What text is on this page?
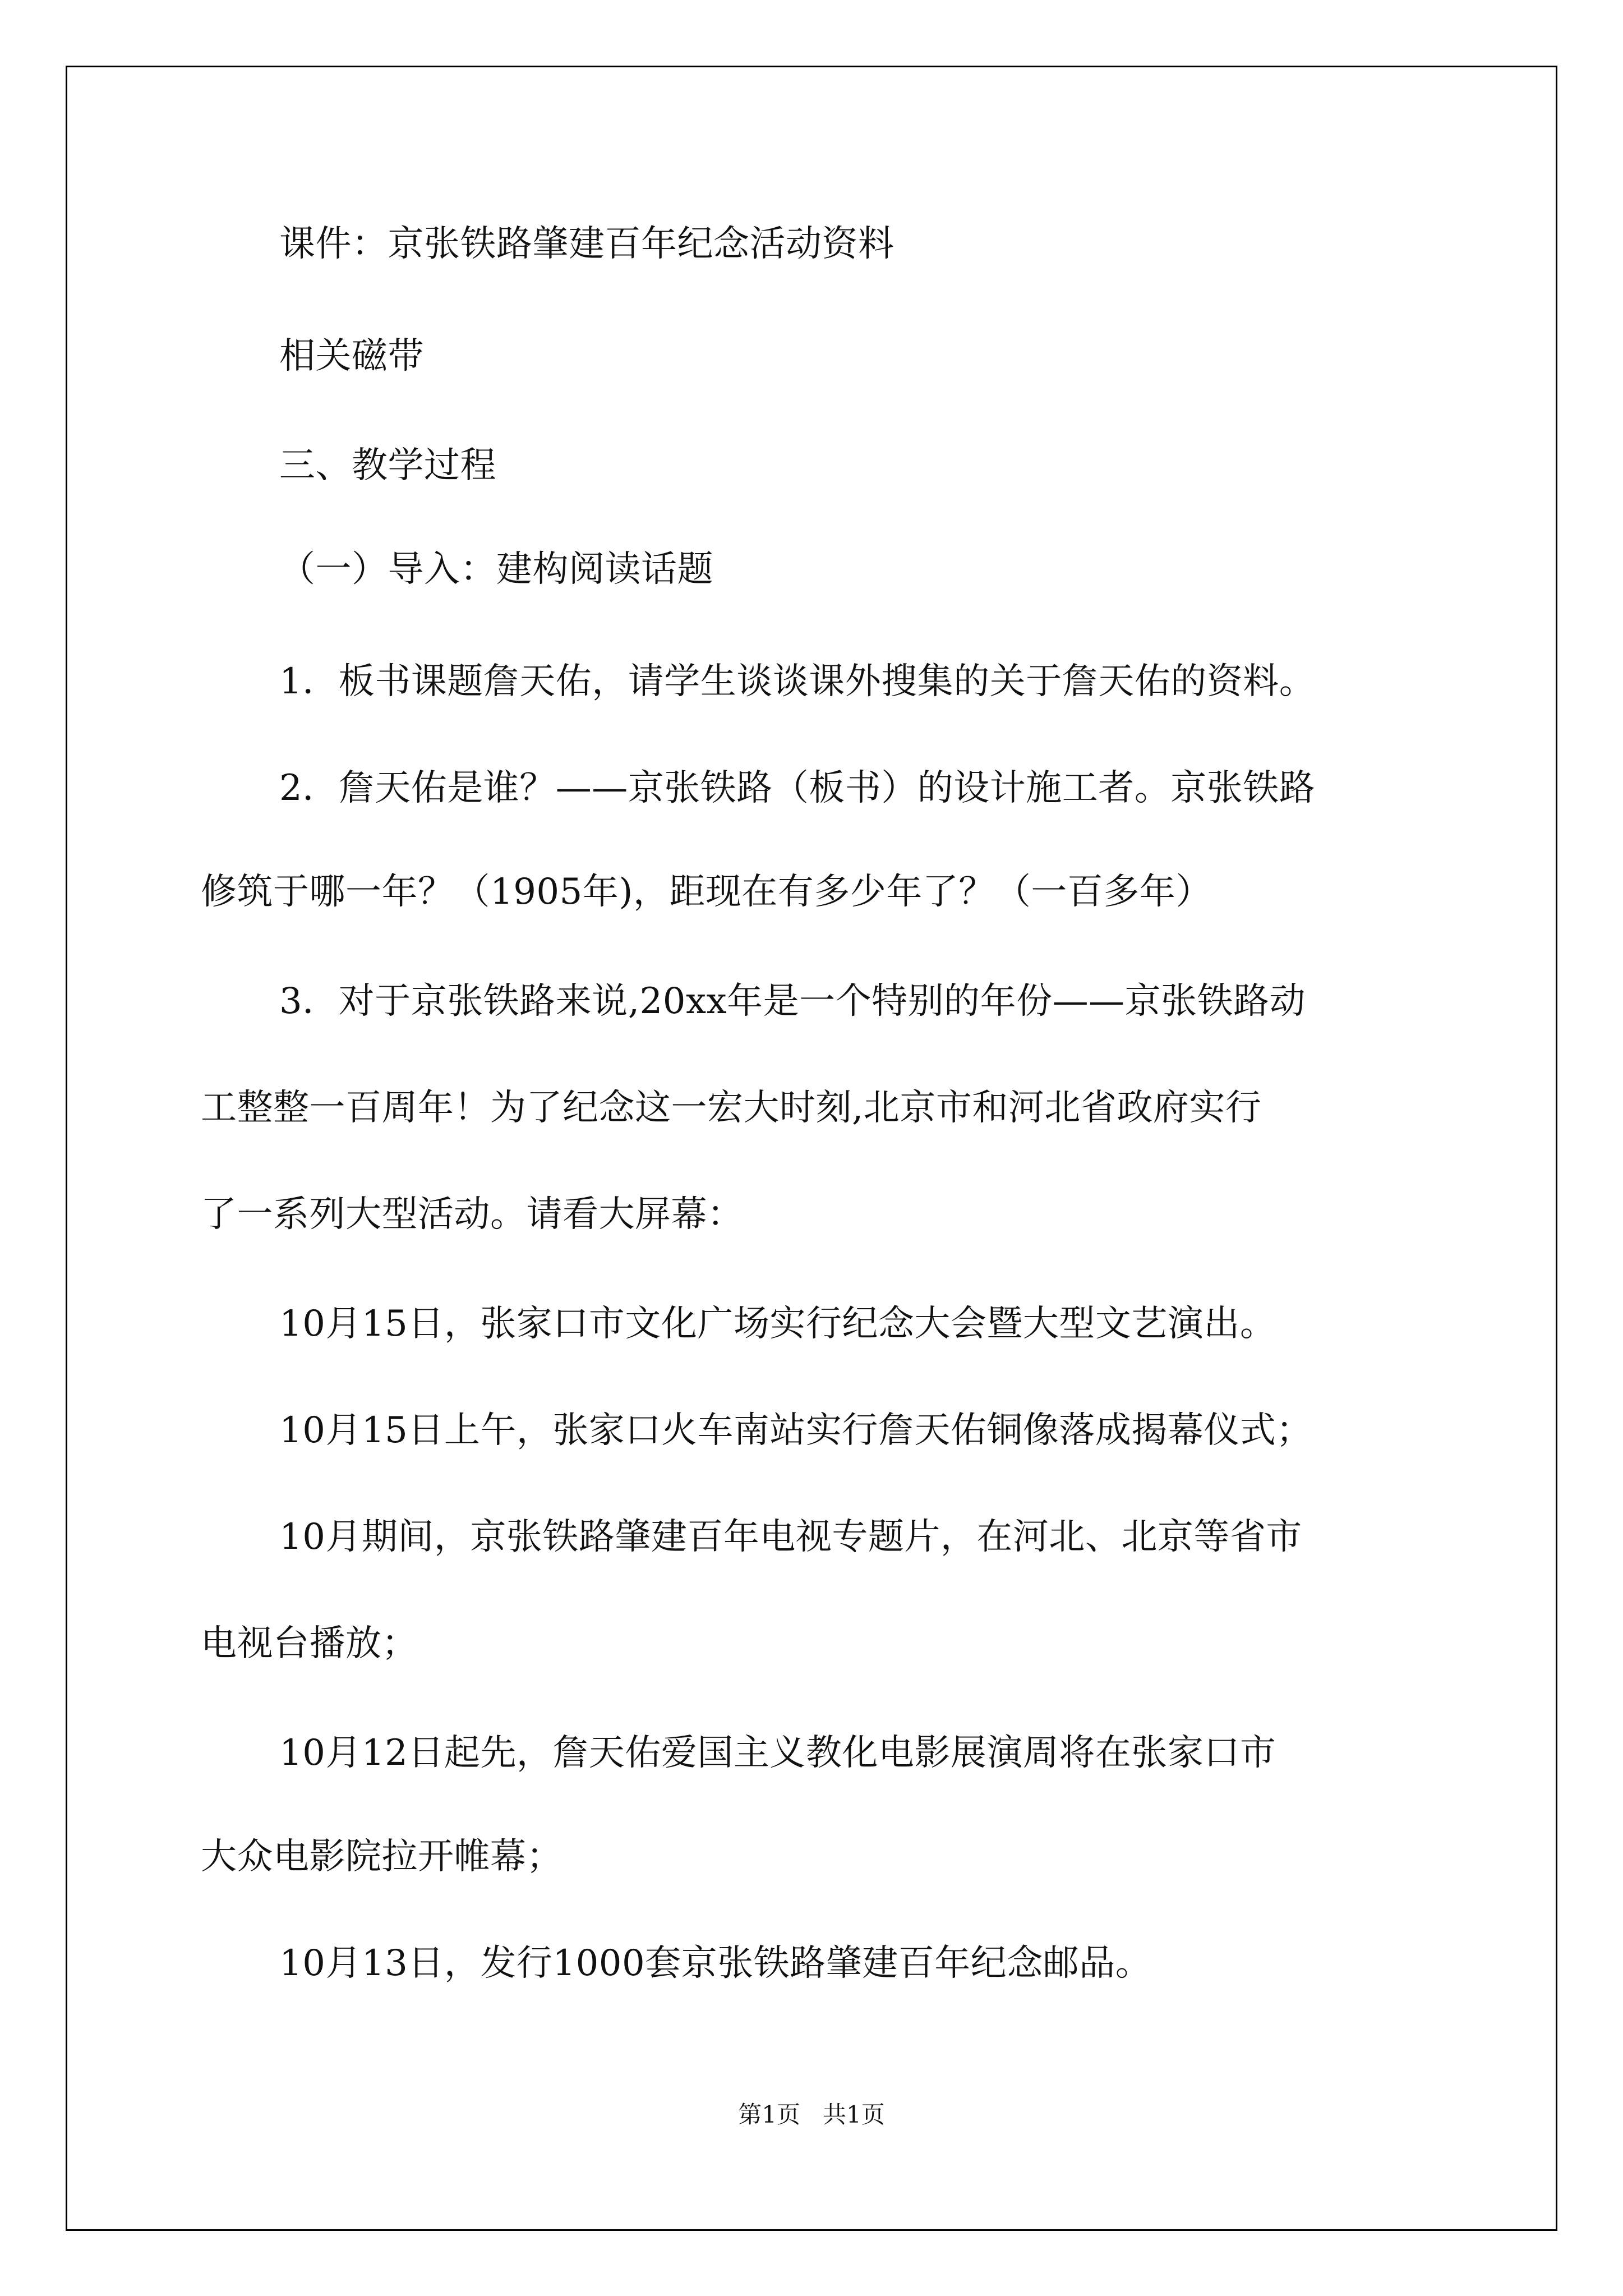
课件：京张铁路肇建百年纪念活动资料
相关磁带
三、教学过程
（一）导入：建构阅读话题
1．板书课题詹天佑，请学生谈谈课外搜集的关于詹天佑的资料。
2．詹天佑是谁？——京张铁路（板书）的设计施工者。京张铁路
修筑于哪一年？（1905年)，距现在有多少年了？（一百多年）
3．对于京张铁路来说,20xx年是一个特别的年份——京张铁路动
工整整一百周年！为了纪念这一宏大时刻,北京市和河北省政府实行
了一系列大型活动。请看大屏幕：
10月15日，张家口市文化广场实行纪念大会暨大型文艺演出。
10月15日上午，张家口火车南站实行詹天佑铜像落成揭幕仪式；
10月期间，京张铁路肇建百年电视专题片，在河北、北京等省市
电视台播放；
10月12日起先，詹天佑爱国主义教化电影展演周将在张家口市
大众电影院拉开帷幕；
10月13日，发行1000套京张铁路肇建百年纪念邮品。
第1页   共1页
